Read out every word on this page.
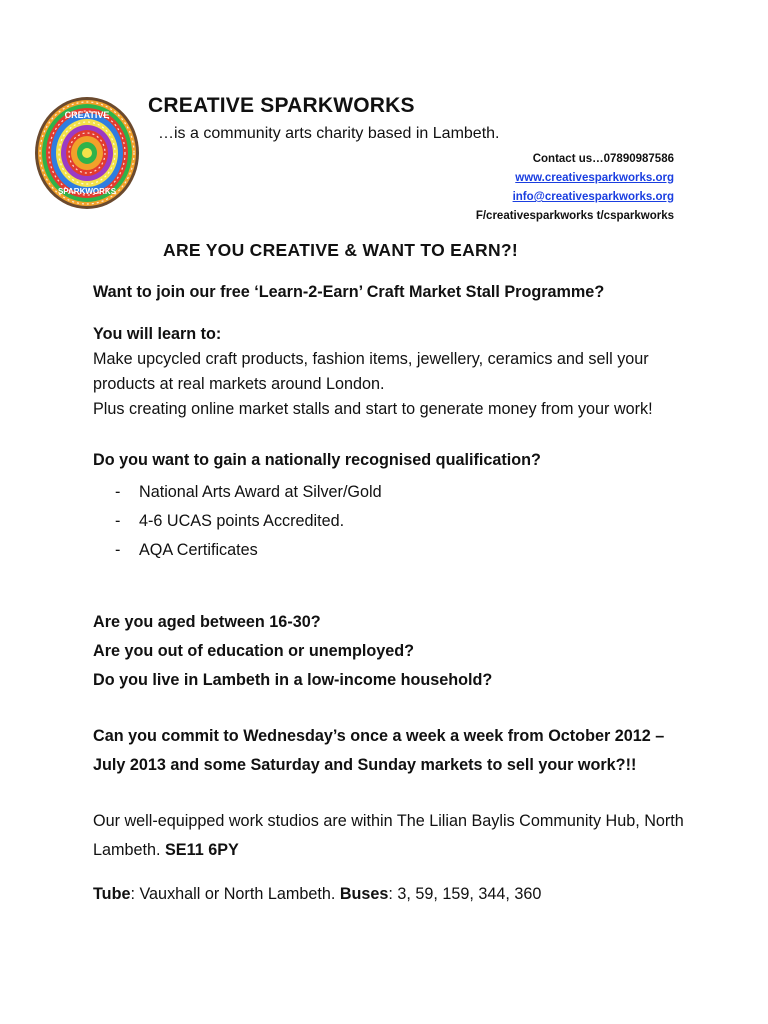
CREATIVE
SPARKWORKS
CREATIVE SPARKWORKS
…is a community arts charity based in Lambeth.
Contact us…07890987586
www.creativesparkworks.org
info@creativesparkworks.org
F/creativesparkworks t/csparkworks
ARE YOU CREATIVE & WANT TO EARN?!

Want to join our free ‘Learn-2-Earn’ Craft Market Stall Programme?

You will learn to:

Make upcycled craft products, fashion items, jewellery, ceramics and sell your products at real markets around London.

Plus creating online market stalls and start to generate money from your work!

Do you want to gain a nationally recognised qualification?

- National Arts Award at Silver/Gold
- 4-6 UCAS points Accredited.
- AQA Certificates

Are you aged between 16-30?

Are you out of education or unemployed?

Do you live in Lambeth in a low-income household?

Can you commit to Wednesday’s once a week a week from October 2012 – July 2013 and some Saturday and Sunday markets to sell your work?!!

Our well-equipped work studios are within The Lilian Baylis Community Hub, North Lambeth. SE11 6PY

Tube: Vauxhall or North Lambeth. Buses: 3, 59, 159, 344, 360
